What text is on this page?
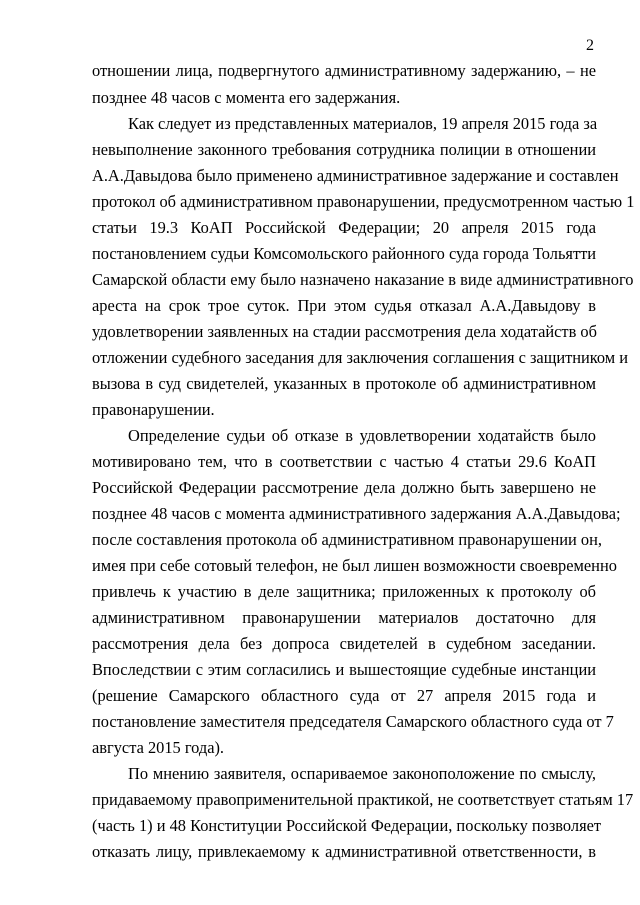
2
отношении лица, подвергнутого административному задержанию, – не
позднее 48 часов с момента его задержания.
Как следует из представленных материалов, 19 апреля 2015 года за
невыполнение законного требования сотрудника полиции в отношении
А.А.Давыдова было применено административное задержание и составлен
протокол об административном правонарушении, предусмотренном частью 1
статьи 19.3 КоАП Российской Федерации; 20 апреля 2015 года
постановлением судьи Комсомольского районного суда города Тольятти
Самарской области ему было назначено наказание в виде административного
ареста на срок трое суток. При этом судья отказал А.А.Давыдову в
удовлетворении заявленных на стадии рассмотрения дела ходатайств об
отложении судебного заседания для заключения соглашения с защитником и
вызова в суд свидетелей, указанных в протоколе об административном
правонарушении.
Определение судьи об отказе в удовлетворении ходатайств было
мотивировано тем, что в соответствии с частью 4 статьи 29.6 КоАП
Российской Федерации рассмотрение дела должно быть завершено не
позднее 48 часов с момента административного задержания А.А.Давыдова;
после составления протокола об административном правонарушении он,
имея при себе сотовый телефон, не был лишен возможности своевременно
привлечь к участию в деле защитника; приложенных к протоколу об
административном правонарушении материалов достаточно для
рассмотрения дела без допроса свидетелей в судебном заседании.
Впоследствии с этим согласились и вышестоящие судебные инстанции
(решение Самарского областного суда от 27 апреля 2015 года и
постановление заместителя председателя Самарского областного суда от 7
августа 2015 года).
По мнению заявителя, оспариваемое законоположение по смыслу,
придаваемому правоприменительной практикой, не соответствует статьям 17
(часть 1) и 48 Конституции Российской Федерации, поскольку позволяет
отказать лицу, привлекаемому к административной ответственности, в
